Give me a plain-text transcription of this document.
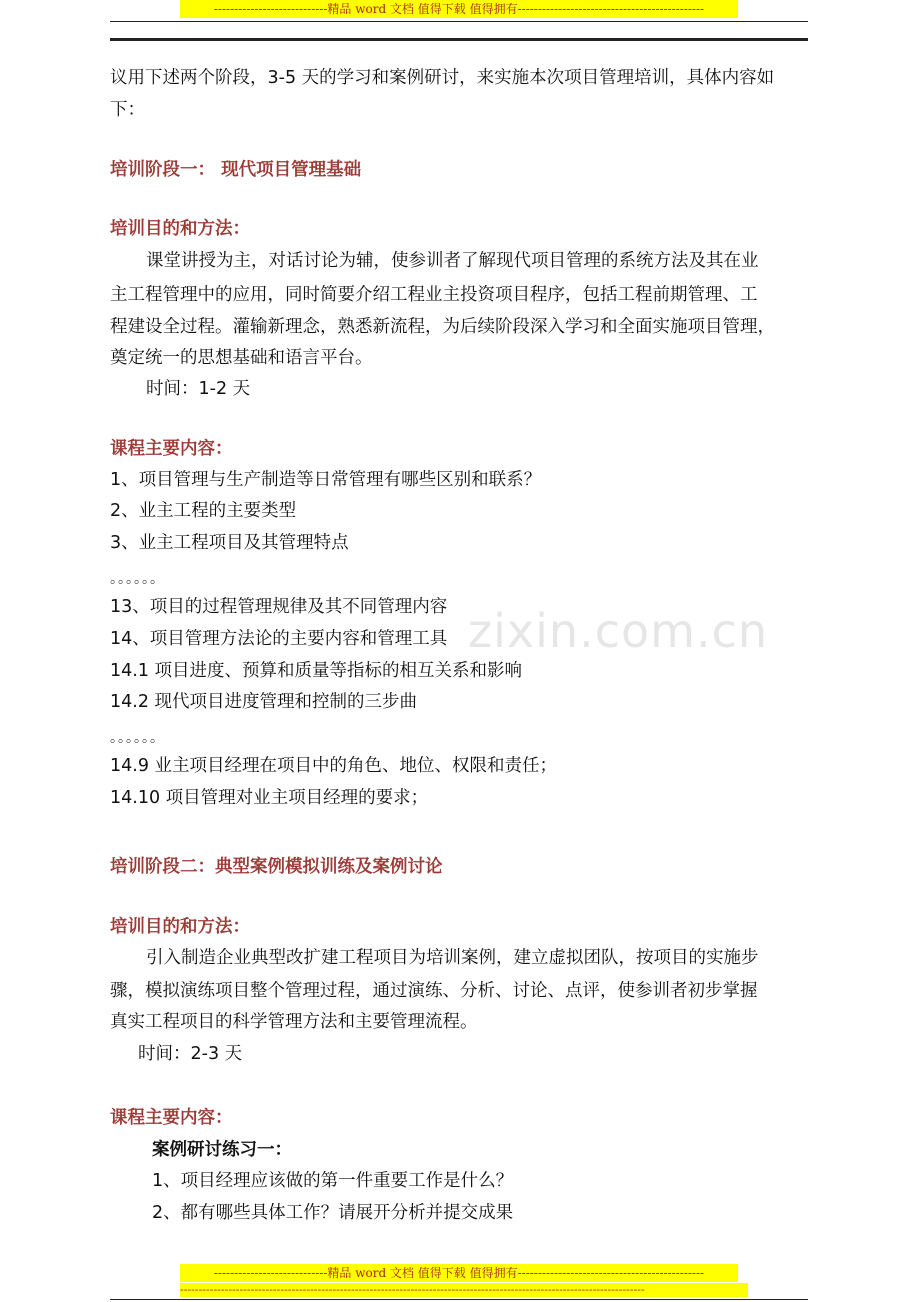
----------------------------精品 word 文档 值得下载 值得拥有----------------------------------------------
zixin.com.cn
议用下述两个阶段，3-5 天的学习和案例研讨，来实施本次项目管理培训，具体内容如
下：
培训阶段一： 现代项目管理基础
培训目的和方法：
课堂讲授为主，对话讨论为辅，使参训者了解现代项目管理的系统方法及其在业
主工程管理中的应用，同时简要介绍工程业主投资项目程序，包括工程前期管理、工
程建设全过程。灌输新理念，熟悉新流程，为后续阶段深入学习和全面实施项目管理，
奠定统一的思想基础和语言平台。
时间：1-2 天
课程主要内容：
1、项目管理与生产制造等日常管理有哪些区别和联系？
2、业主工程的主要类型
3、业主工程项目及其管理特点
。。。。。。
13、项目的过程管理规律及其不同管理内容
14、项目管理方法论的主要内容和管理工具
14.1 项目进度、预算和质量等指标的相互关系和影响
14.2 现代项目进度管理和控制的三步曲
。。。。。。
14.9 业主项目经理在项目中的角色、地位、权限和责任；
14.10 项目管理对业主项目经理的要求；
培训阶段二：典型案例模拟训练及案例讨论
培训目的和方法：
引入制造企业典型改扩建工程项目为培训案例，建立虚拟团队，按项目的实施步
骤，模拟演练项目整个管理过程，通过演练、分析、讨论、点评，使参训者初步掌握
真实工程项目的科学管理方法和主要管理流程。
时间：2-3 天
课程主要内容：
案例研讨练习一：
1、项目经理应该做的第一件重要工作是什么？
2、都有哪些具体工作？请展开分析并提交成果
----------------------------精品 word 文档 值得下载 值得拥有----------------------------------------------
-----------------------------------------------------------------------------------------------------------------------------
